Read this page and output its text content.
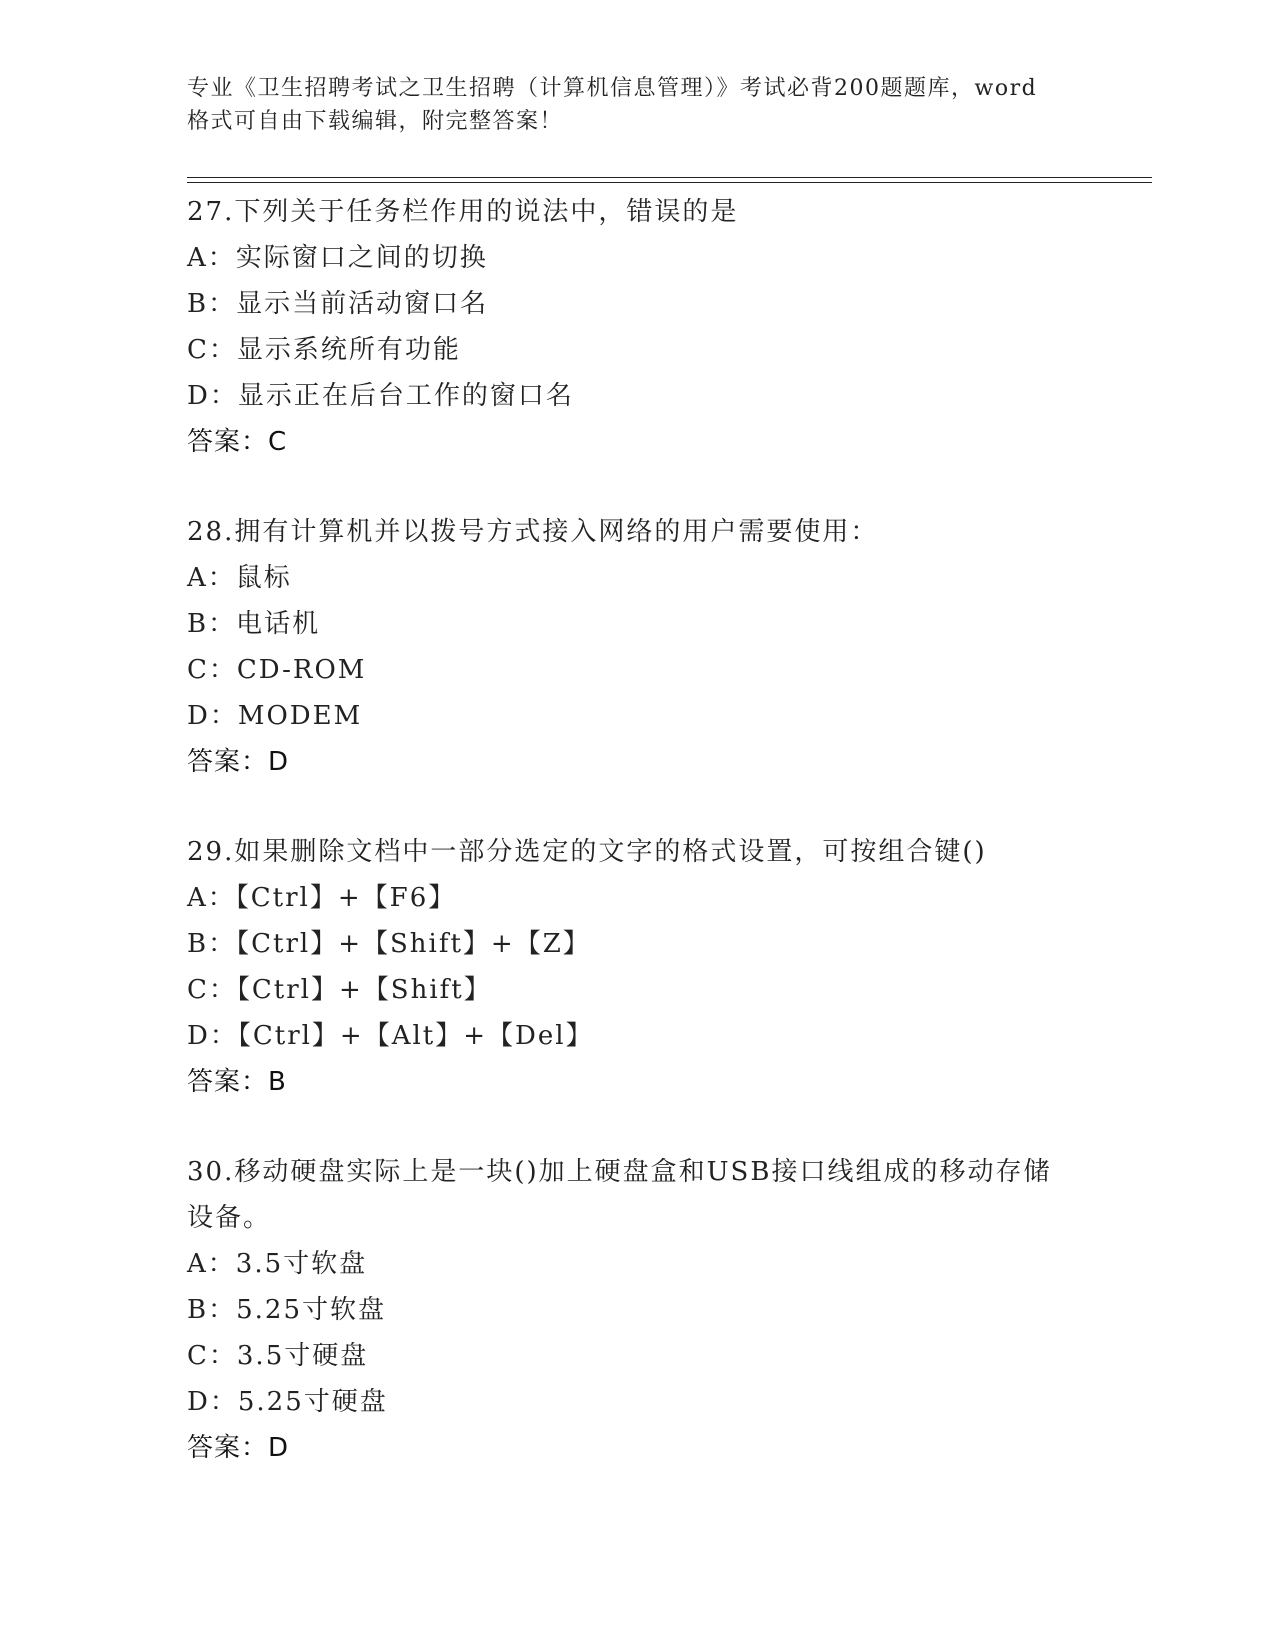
专业《卫生招聘考试之卫生招聘（计算机信息管理）》考试必背200题题库，word
格式可自由下载编辑，附完整答案！
27.下列关于任务栏作用的说法中，错误的是
A：实际窗口之间的切换
B：显示当前活动窗口名
C：显示系统所有功能
D：显示正在后台工作的窗口名
答案：C
28.拥有计算机并以拨号方式接入网络的用户需要使用：
A：鼠标
B：电话机
C：CD-ROM
D：MODEM
答案：D
29.如果删除文档中一部分选定的文字的格式设置，可按组合键()
A：【Ctrl】+【F6】
B：【Ctrl】+【Shift】+【Z】
C：【Ctrl】+【Shift】
D：【Ctrl】+【Alt】+【Del】
答案：B
30.移动硬盘实际上是一块()加上硬盘盒和USB接口线组成的移动存储
设备。
A：3.5寸软盘
B：5.25寸软盘
C：3.5寸硬盘
D：5.25寸硬盘
答案：D
